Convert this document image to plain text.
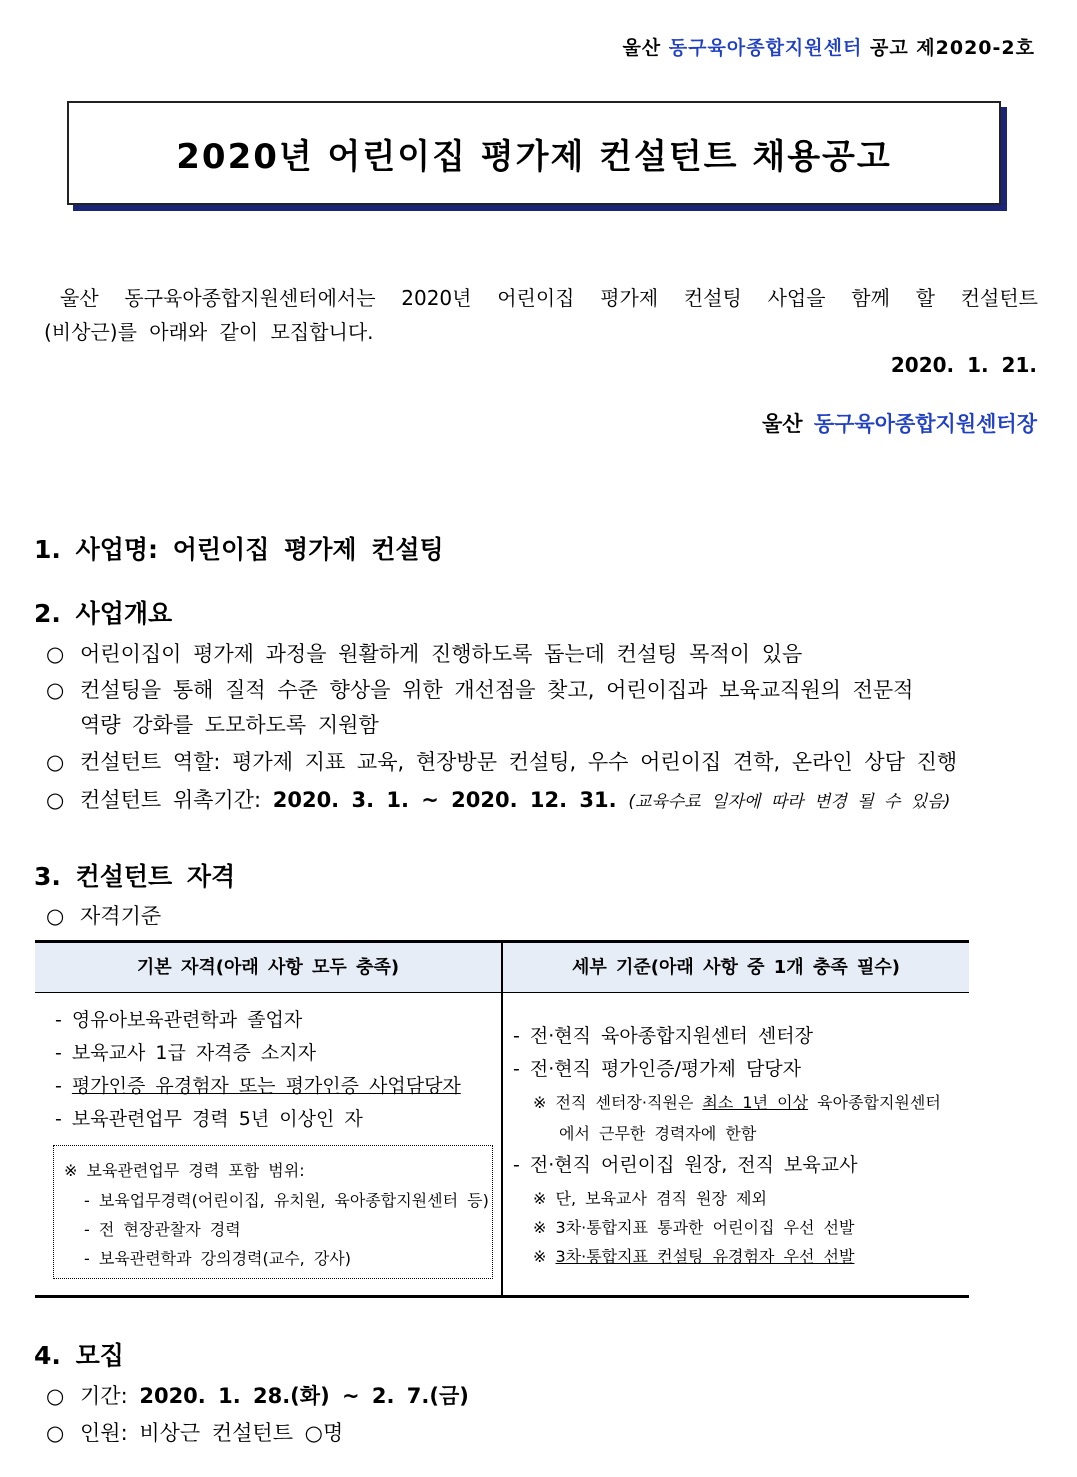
울산 동구육아종합지원센터 공고 제2020-2호
2020년 어린이집 평가제 컨설턴트 채용공고
울산 동구육아종합지원센터에서는 2020년 어린이집 평가제 컨설팅 사업을 함께 할 컨설턴트
(비상근)를 아래와 같이 모집합니다.
2020. 1. 21.
울산 동구육아종합지원센터장
1. 사업명: 어린이집 평가제 컨설팅
2. 사업개요
○ 어린이집이 평가제 과정을 원활하게 진행하도록 돕는데 컨설팅 목적이 있음
○ 컨설팅을 통해 질적 수준 향상을 위한 개선점을 찾고, 어린이집과 보육교직원의 전문적
역량 강화를 도모하도록 지원함
○ 컨설턴트 역할: 평가제 지표 교육, 현장방문 컨설팅, 우수 어린이집 견학, 온라인 상담 진행
○ 컨설턴트 위촉기간: 2020. 3. 1. ~ 2020. 12. 31. (교육수료 일자에 따라 변경 될 수 있음)
3. 컨설턴트 자격
○ 자격기준
기본 자격(아래 사항 모두 충족)	세부 기준(아래 사항 중 1개 충족 필수)
- 영유아보육관련학과 졸업자
- 보육교사 1급 자격증 소지자
- 평가인증 유경험자 또는 평가인증 사업담당자
- 보육관련업무 경력 5년 이상인 자
※ 보육관련업무 경력 포함 범위:
- 보육업무경력(어린이집, 유치원, 육아종합지원센터 등)
- 전 현장관찰자 경력
- 보육관련학과 강의경력(교수, 강사)
- 전·현직 육아종합지원센터 센터장
- 전·현직 평가인증/평가제 담당자
※ 전직 센터장·직원은 최소 1년 이상 육아종합지원센터
에서 근무한 경력자에 한함
- 전·현직 어린이집 원장, 전직 보육교사
※ 단, 보육교사 겸직 원장 제외
※ 3차·통합지표 통과한 어린이집 우선 선발
※ 3차·통합지표 컨설팅 유경험자 우선 선발
4. 모집
○ 기간: 2020. 1. 28.(화) ~ 2. 7.(금)
○ 인원: 비상근 컨설턴트 ○명
